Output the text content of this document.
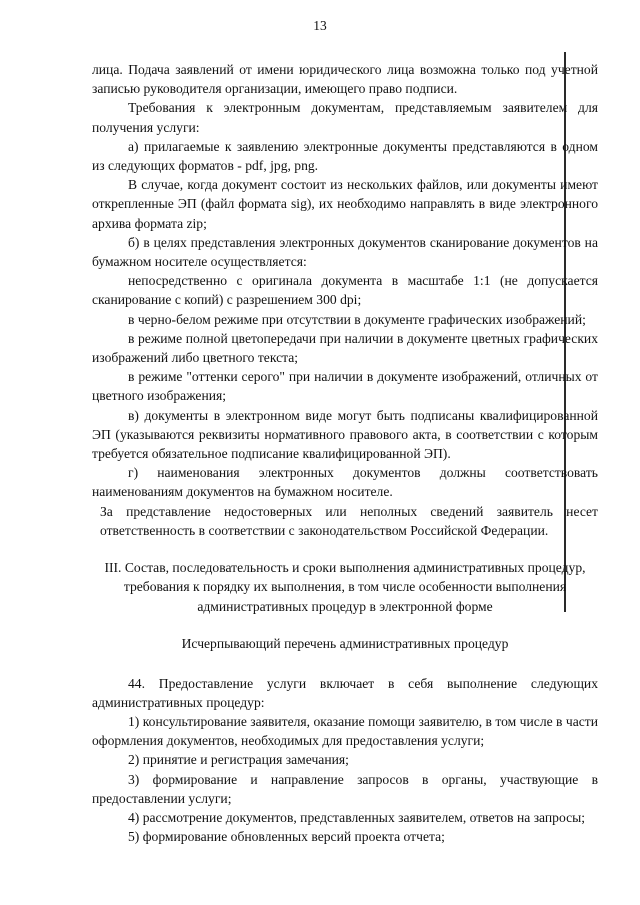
13

лица. Подача заявлений от имени юридического лица возможна только под учетной записью руководителя организации, имеющего право подписи.

Требования к электронным документам, представляемым заявителем для получения услуги:

а) прилагаемые к заявлению электронные документы представляются в одном из следующих форматов - pdf, jpg, png.

В случае, когда документ состоит из нескольких файлов, или документы имеют открепленные ЭП (файл формата sig), их необходимо направлять в виде электронного архива формата zip;

б) в целях представления электронных документов сканирование документов на бумажном носителе осуществляется:

непосредственно с оригинала документа в масштабе 1:1 (не допускается сканирование с копий) с разрешением 300 dpi;

в черно-белом режиме при отсутствии в документе графических изображений;

в режиме полной цветопередачи при наличии в документе цветных графических изображений либо цветного текста;

в режиме "оттенки серого" при наличии в документе изображений, отличных от цветного изображения;

в) документы в электронном виде могут быть подписаны квалифицированной ЭП (указываются реквизиты нормативного правового акта, в соответствии с которым требуется обязательное подписание квалифицированной ЭП).

г) наименования электронных документов должны соответствовать наименованиям документов на бумажном носителе.

За представление недостоверных или неполных сведений заявитель несет ответственность в соответствии с законодательством Российской Федерации.

III. Состав, последовательность и сроки выполнения административных процедур, требования к порядку их выполнения, в том числе особенности выполнения административных процедур в электронной форме

Исчерпывающий перечень административных процедур

44. Предоставление услуги включает в себя выполнение следующих административных процедур:

1) консультирование заявителя, оказание помощи заявителю, в том числе в части оформления документов, необходимых для предоставления услуги;

2) принятие и регистрация замечания;

3) формирование и направление запросов в органы, участвующие в предоставлении услуги;

4) рассмотрение документов, представленных заявителем, ответов на запросы;

5) формирование обновленных версий проекта отчета;
